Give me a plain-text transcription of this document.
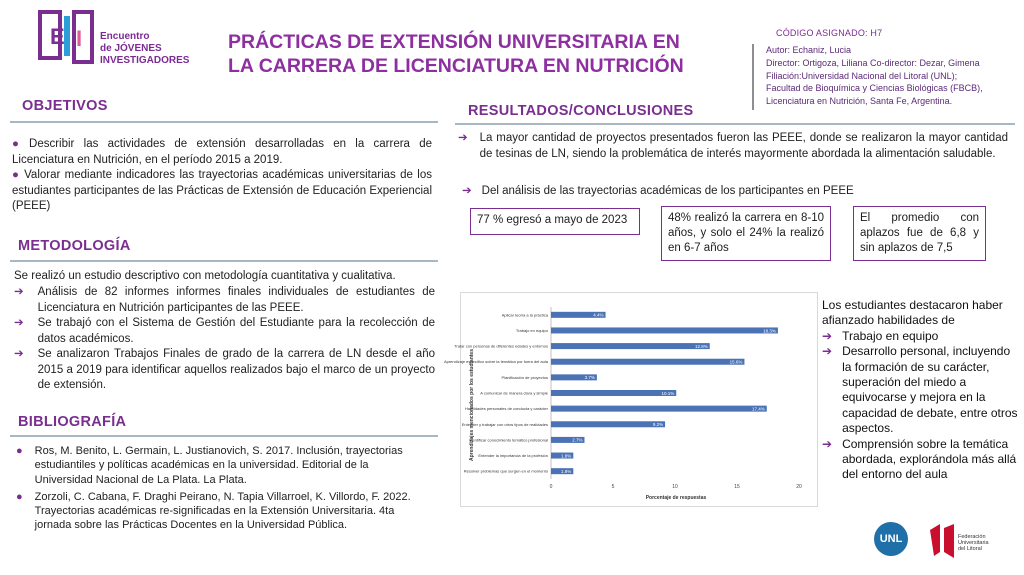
E I Encuentro
de JÓVENES
INVESTIGADORES
PRÁCTICAS DE EXTENSIÓN UNIVERSITARIA EN LA CARRERA DE LICENCIATURA EN NUTRICIÓN
CÓDIGO ASIGNADO: H7
Autor: Echaniz, Lucia
Director: Ortigoza, Liliana Co-director: Dezar, Gimena
Filiación:Universidad Nacional del Litoral (UNL);
Facultad de Bioquímica y Ciencias Biológicas (FBCB),
Licenciatura en Nutrición, Santa Fe, Argentina.
OBJETIVOS
● Describir las actividades de extensión desarrolladas en la carrera de Licenciatura en Nutrición, en el período 2015 a 2019.
● Valorar mediante indicadores las trayectorias académicas universitarias de los estudiantes participantes de las Prácticas de Extensión de Educación Experiencial (PEEE)
METODOLOGÍA
Se realizó un estudio descriptivo con metodología cuantitativa y cualitativa.
➔	Análisis de 82 informes informes finales individuales de estudiantes de Licenciatura en Nutrición participantes de las PEEE.
➔	Se trabajó con el Sistema de Gestión del Estudiante para la recolección de datos académicos.
➔	Se analizaron Trabajos Finales de grado de la carrera de LN desde el año 2015 a 2019 para identificar aquellos realizados bajo el marco de un proyecto de extensión.
BIBLIOGRAFÍA
● Ros, M. Benito, L. Germain, L. Justianovich, S. 2017. Inclusión, trayectorias estudiantiles y políticas académicas en la universidad. Editorial de la Universidad Nacional de La Plata. La Plata.
● Zorzoli, C. Cabana, F. Draghi Peirano, N. Tapia Villarroel, K. Villordo, F. 2022. Trayectorias académicas re-significadas en la Extensión Universitaria. 4ta jornada sobre las Prácticas Docentes en la Universidad Pública.
RESULTADOS/CONCLUSIONES
➔	La mayor cantidad de proyectos presentados fueron las PEEE, donde se realizaron la mayor cantidad de tesinas de LN, siendo la problemática de interés mayormente abordada la alimentación saludable.
➔ Del análisis de las trayectorias académicas de los participantes en PEEE
77 % egresó a mayo de 2023	48% realizó la carrera en 8-10 años, y solo el 24% la realizó en 6-7 años
El promedio con aplazos fue de 6,8 y sin aplazos de 7,5
Aprendizajes mencionados por los estudiantes
Porcentaje de respuestas
0	5	10	15	20
4.4%
Aplicar teoría a la práctica
18.3%
Trabajo en equipo
12.8%
Tratar con personas de diferentes edades y entornos
15.6%
Aprendizaje específico sobre la temática por fuera del aula
3.7%
Planificación de proyectos
10.1%
A comunicar de manera clara y simple
17.4%
Habilidades personales de conducta y carácter
9.2%
Entender y trabajar con otros tipos de realidades
2.7%
Identificar conocimiento temático profesional
1.8%
Entender la importancia de la profesión
1.8%
Resolver problemas que surgen en el momento
Los estudiantes destacaron haber afianzado habilidades de
➔ Trabajo en equipo
➔ Desarrollo personal, incluyendo la formación de su carácter, superación del miedo a equivocarse y mejora en la capacidad de debate, entre otros aspectos.
➔ Comprensión sobre la temática abordada, explorándola más allá del entorno del aula
UNL	Federación Universitaria del Litoral
